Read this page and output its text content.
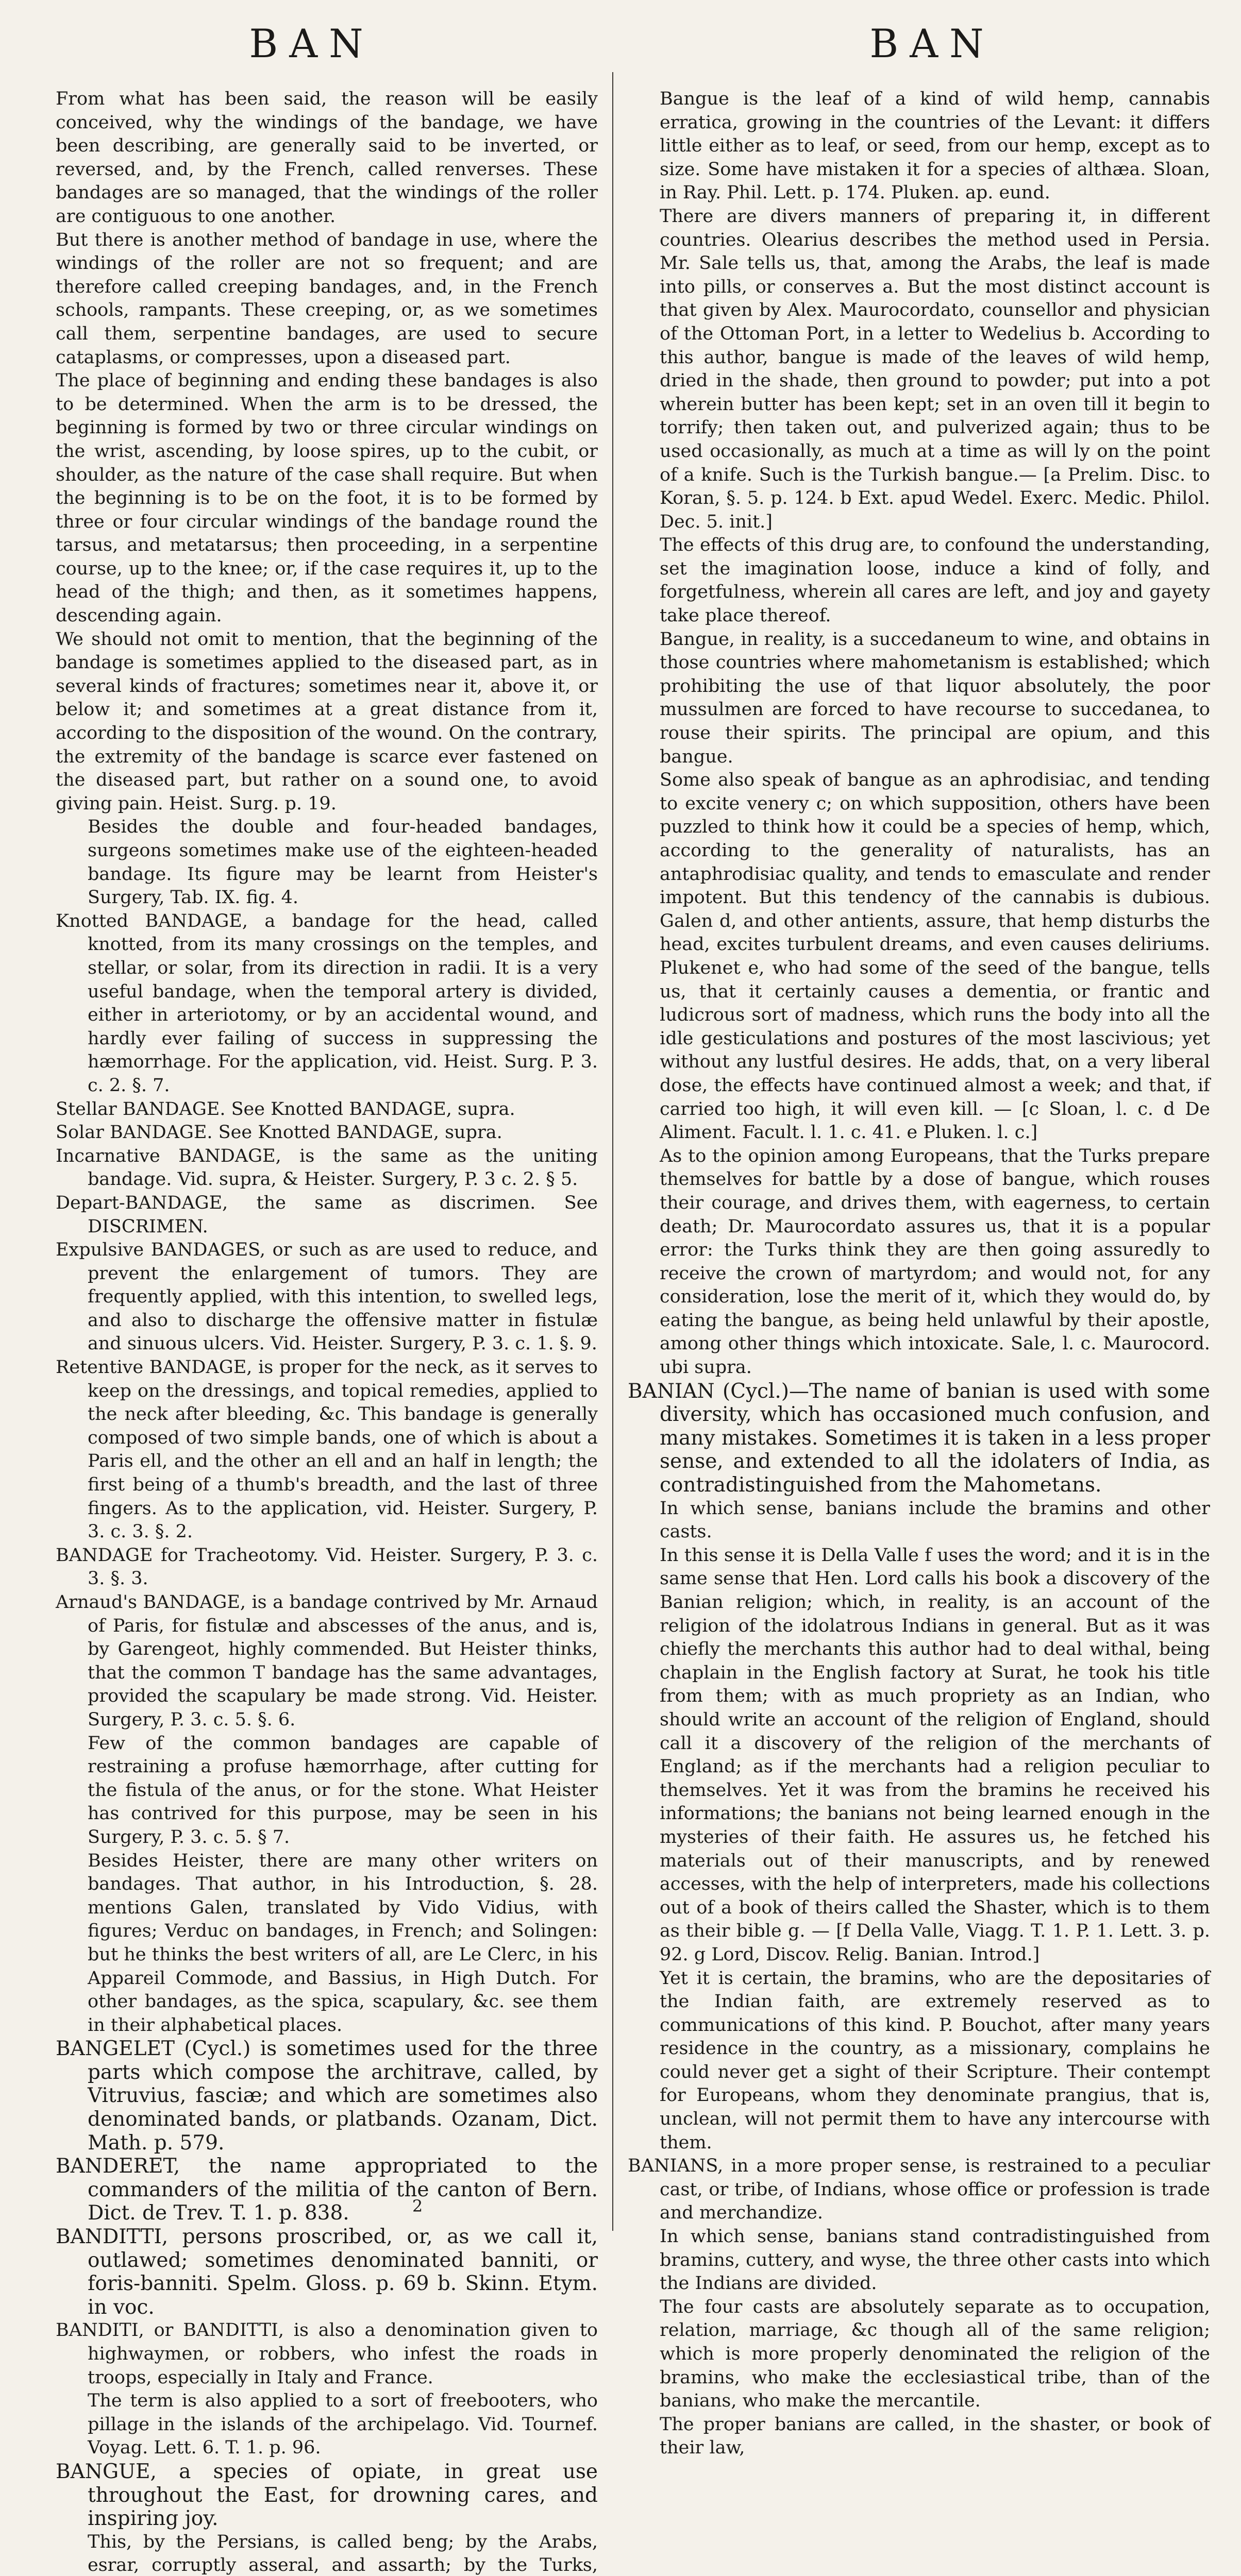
BAN	BAN

From what has been said, the reason will be easily conceived, why the windings of the bandage, we have been describing, are generally said to be inverted, or reversed, and, by the French, called renverses. These bandages are so managed, that the windings of the roller are contiguous to one another.

But there is another method of bandage in use, where the windings of the roller are not so frequent; and are therefore called creeping bandages, and, in the French schools, rampants. These creeping, or, as we sometimes call them, serpentine bandages, are used to secure cataplasms, or compresses, upon a diseased part.

The place of beginning and ending these bandages is also to be determined. When the arm is to be dressed, the beginning is formed by two or three circular windings on the wrist, ascending, by loose spires, up to the cubit, or shoulder, as the nature of the case shall require. But when the beginning is to be on the foot, it is to be formed by three or four circular windings of the bandage round the tarsus, and metatarsus; then proceeding, in a serpentine course, up to the knee; or, if the case requires it, up to the head of the thigh; and then, as it sometimes happens, descending again.

We should not omit to mention, that the beginning of the bandage is sometimes applied to the diseased part, as in several kinds of fractures; sometimes near it, above it, or below it; and sometimes at a great distance from it, according to the disposition of the wound. On the contrary, the extremity of the bandage is scarce ever fastened on the diseased part, but rather on a sound one, to avoid giving pain. Heist. Surg. p. 19.

Besides the double and four-headed bandages, surgeons sometimes make use of the eighteen-headed bandage. Its figure may be learnt from Heister's Surgery, Tab. IX. fig. 4.

Knotted BANDAGE, a bandage for the head, called knotted, from its many crossings on the temples, and stellar, or solar, from its direction in radii. It is a very useful bandage, when the temporal artery is divided, either in arteriotomy, or by an accidental wound, and hardly ever failing of success in suppressing the hæmorrhage. For the application, vid. Heist. Surg. P. 3. c. 2. §. 7.

Stellar BANDAGE. See Knotted BANDAGE, supra.

Solar BANDAGE. See Knotted BANDAGE, supra.

Incarnative BANDAGE, is the same as the uniting bandage. Vid. supra, & Heister. Surgery, P. 3 c. 2. § 5.

Depart-BANDAGE, the same as discrimen. See DISCRIMEN.

Expulsive BANDAGES, or such as are used to reduce, and prevent the enlargement of tumors. They are frequently applied, with this intention, to swelled legs, and also to discharge the offensive matter in fistulæ and sinuous ulcers. Vid. Heister. Surgery, P. 3. c. 1. §. 9.

Retentive BANDAGE, is proper for the neck, as it serves to keep on the dressings, and topical remedies, applied to the neck after bleeding, &c. This bandage is generally composed of two simple bands, one of which is about a Paris ell, and the other an ell and an half in length; the first being of a thumb's breadth, and the last of three fingers. As to the application, vid. Heister. Surgery, P. 3. c. 3. §. 2.

BANDAGE for Tracheotomy. Vid. Heister. Surgery, P. 3. c. 3. §. 3.

Arnaud's BANDAGE, is a bandage contrived by Mr. Arnaud of Paris, for fistulæ and abscesses of the anus, and is, by Garengeot, highly commended. But Heister thinks, that the common T bandage has the same advantages, provided the scapulary be made strong. Vid. Heister. Surgery, P. 3. c. 5. §. 6.

Few of the common bandages are capable of restraining a profuse hæmorrhage, after cutting for the fistula of the anus, or for the stone. What Heister has contrived for this purpose, may be seen in his Surgery, P. 3. c. 5. § 7.

Besides Heister, there are many other writers on bandages. That author, in his Introduction, §. 28. mentions Galen, translated by Vido Vidius, with figures; Verduc on bandages, in French; and Solingen: but he thinks the best writers of all, are Le Clerc, in his Appareil Commode, and Bassius, in High Dutch. For other bandages, as the spica, scapulary, &c. see them in their alphabetical places.

BANGELET (Cycl.) is sometimes used for the three parts which compose the architrave, called, by Vitruvius, fasciæ; and which are sometimes also denominated bands, or platbands. Ozanam, Dict. Math. p. 579.

BANDERET, the name appropriated to the commanders of the militia of the canton of Bern. Dict. de Trev. T. 1. p. 838.

BANDITTI, persons proscribed, or, as we call it, outlawed; sometimes denominated banniti, or foris-banniti. Spelm. Gloss. p. 69 b. Skinn. Etym. in voc.

BANDITI, or BANDITTI, is also a denomination given to highwaymen, or robbers, who infest the roads in troops, especially in Italy and France.

The term is also applied to a sort of freebooters, who pillage in the islands of the archipelago. Vid. Tournef. Voyag. Lett. 6. T. 1. p. 96.

BANGUE, a species of opiate, in great use throughout the East, for drowning cares, and inspiring joy.

This, by the Persians, is called beng; by the Arabs, esrar, corruptly asseral, and assarth; by the Turks,

Bangue is the leaf of a kind of wild hemp, cannabis erratica, growing in the countries of the Levant: it differs little either as to leaf, or seed, from our hemp, except as to size. Some have mistaken it for a species of althæa. Sloan, in Ray. Phil. Lett. p. 174. Pluken. ap. eund.

There are divers manners of preparing it, in different countries. Olearius describes the method used in Persia. Mr. Sale tells us, that, among the Arabs, the leaf is made into pills, or conserves a. But the most distinct account is that given by Alex. Maurocordato, counsellor and physician of the Ottoman Port, in a letter to Wedelius b. According to this author, bangue is made of the leaves of wild hemp, dried in the shade, then ground to powder; put into a pot wherein butter has been kept; set in an oven till it begin to torrify; then taken out, and pulverized again; thus to be used occasionally, as much at a time as will ly on the point of a knife. Such is the Turkish bangue.— [a Prelim. Disc. to Koran, §. 5. p. 124. b Ext. apud Wedel. Exerc. Medic. Philol. Dec. 5. init.]

The effects of this drug are, to confound the understanding, set the imagination loose, induce a kind of folly, and forgetfulness, wherein all cares are left, and joy and gayety take place thereof.

Bangue, in reality, is a succedaneum to wine, and obtains in those countries where mahometanism is established; which prohibiting the use of that liquor absolutely, the poor mussulmen are forced to have recourse to succedanea, to rouse their spirits. The principal are opium, and this bangue.

Some also speak of bangue as an aphrodisiac, and tending to excite venery c; on which supposition, others have been puzzled to think how it could be a species of hemp, which, according to the generality of naturalists, has an antaphrodisiac quality, and tends to emasculate and render impotent. But this tendency of the cannabis is dubious. Galen d, and other antients, assure, that hemp disturbs the head, excites turbulent dreams, and even causes deliriums. Plukenet e, who had some of the seed of the bangue, tells us, that it certainly causes a dementia, or frantic and ludicrous sort of madness, which runs the body into all the idle gesticulations and postures of the most lascivious; yet without any lustful desires. He adds, that, on a very liberal dose, the effects have continued almost a week; and that, if carried too high, it will even kill. — [c Sloan, l. c. d De Aliment. Facult. l. 1. c. 41. e Pluken. l. c.]

As to the opinion among Europeans, that the Turks prepare themselves for battle by a dose of bangue, which rouses their courage, and drives them, with eagerness, to certain death; Dr. Maurocordato assures us, that it is a popular error: the Turks think they are then going assuredly to receive the crown of martyrdom; and would not, for any consideration, lose the merit of it, which they would do, by eating the bangue, as being held unlawful by their apostle, among other things which intoxicate. Sale, l. c. Maurocord. ubi supra.

BANIAN (Cycl.)—The name of banian is used with some diversity, which has occasioned much confusion, and many mistakes. Sometimes it is taken in a less proper sense, and extended to all the idolaters of India, as contradistinguished from the Mahometans.

In which sense, banians include the bramins and other casts.

In this sense it is Della Valle f uses the word; and it is in the same sense that Hen. Lord calls his book a discovery of the Banian religion; which, in reality, is an account of the religion of the idolatrous Indians in general. But as it was chiefly the merchants this author had to deal withal, being chaplain in the English factory at Surat, he took his title from them; with as much propriety as an Indian, who should write an account of the religion of England, should call it a discovery of the religion of the merchants of England; as if the merchants had a religion peculiar to themselves. Yet it was from the bramins he received his informations; the banians not being learned enough in the mysteries of their faith. He assures us, he fetched his materials out of their manuscripts, and by renewed accesses, with the help of interpreters, made his collections out of a book of theirs called the Shaster, which is to them as their bible g. — [f Della Valle, Viagg. T. 1. P. 1. Lett. 3. p. 92. g Lord, Discov. Relig. Banian. Introd.]

Yet it is certain, the bramins, who are the depositaries of the Indian faith, are extremely reserved as to communications of this kind. P. Bouchot, after many years residence in the country, as a missionary, complains he could never get a sight of their Scripture. Their contempt for Europeans, whom they denominate prangius, that is, unclean, will not permit them to have any intercourse with them.

BANIANS, in a more proper sense, is restrained to a peculiar cast, or tribe, of Indians, whose office or profession is trade and merchandize.

In which sense, banians stand contradistinguished from bramins, cuttery, and wyse, the three other casts into which the Indians are divided.

The four casts are absolutely separate as to occupation, relation, marriage, &c though all of the same religion; which is more properly denominated the religion of the bramins, who make the ecclesiastical tribe, than of the banians, who make the mercantile.

The proper banians are called, in the shaster, or book of their law,

2
